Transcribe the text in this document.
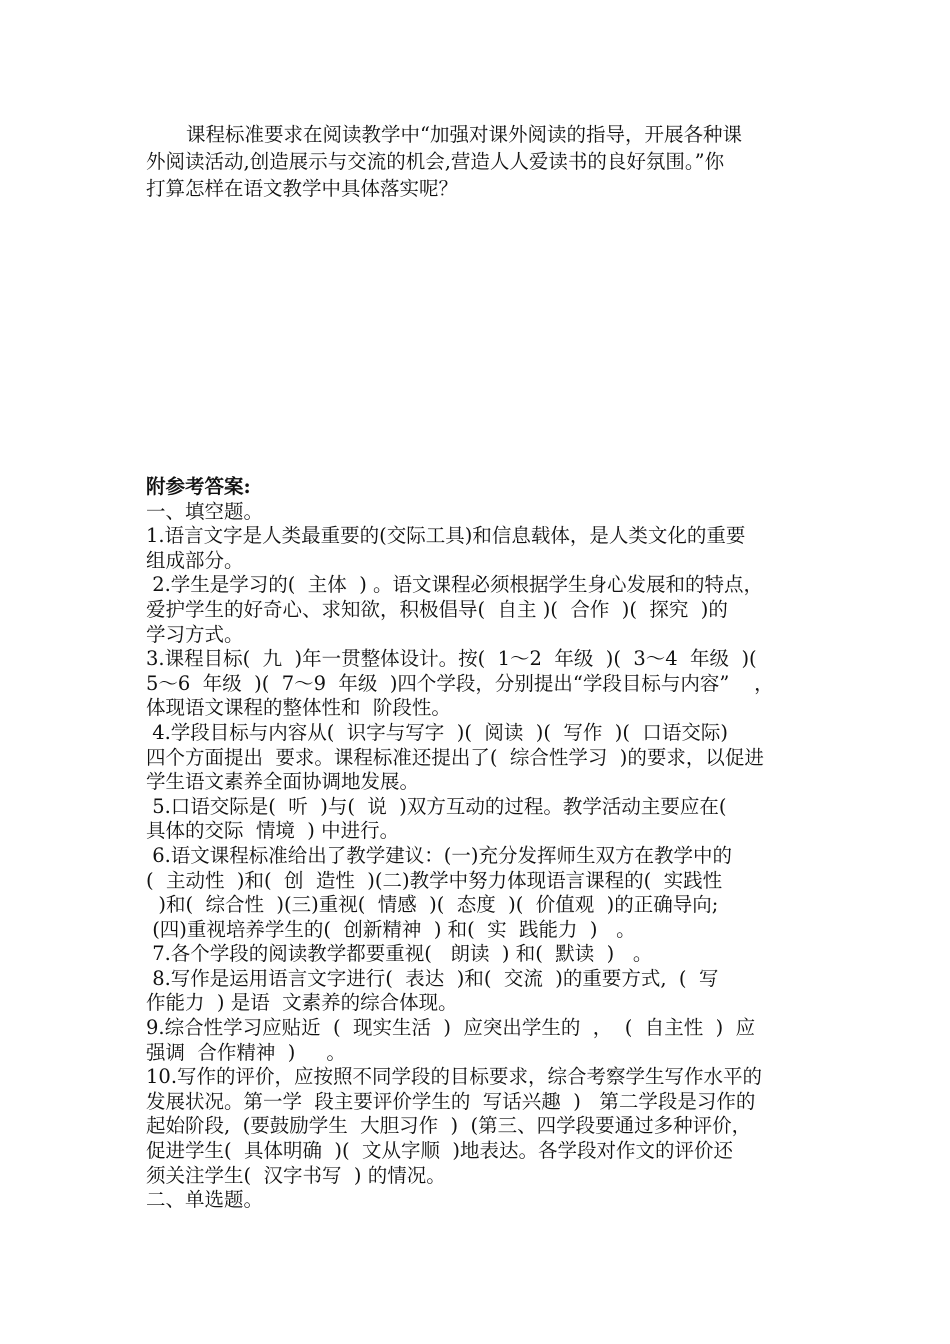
课程标准要求在阅读教学中“加强对课外阅读的指导，开展各种课
外阅读活动,创造展示与交流的机会,营造人人爱读书的良好氛围。”你
打算怎样在语文教学中具体落实呢？
附参考答案:
一、填空题。
1.语言文字是人类最重要的(交际工具)和信息载体，是人类文化的重要
组成部分。
2.学生是学习的(  主体  ) 。语文课程必须根据学生身心发展和的特点，
爱护学生的好奇心、求知欲，积极倡导(  自主 )(  合作  )(  探究  )的
学习方式。
3.课程目标(  九  )年一贯整体设计。按(  1～2  年级  )(  3～4  年级  )(
5～6  年级  )(  7～9  年级  )四个学段，分别提出“学段目标与内容”    ，
体现语文课程的整体性和  阶段性。
4.学段目标与内容从(  识字与写字  )(  阅读  )(  写作  )(  口语交际)
四个方面提出  要求。课程标准还提出了(  综合性学习  )的要求，以促进
学生语文素养全面协调地发展。
5.口语交际是(  听  )与(  说  )双方互动的过程。教学活动主要应在(
具体的交际  情境  ) 中进行。
6.语文课程标准给出了教学建议：(一)充分发挥师生双方在教学中的
(  主动性  )和(  创  造性  )(二)教学中努力体现语言课程的(  实践性
)和(  综合性  )(三)重视(  情感  )(  态度  )(  价值观  )的正确导向;
(四)重视培养学生的(  创新精神  ) 和(  实  践能力  )   。
7.各个学段的阅读教学都要重视(   朗读  ) 和(  默读  )   。
8.写作是运用语言文字进行(  表达  )和(  交流  )的重要方式,  (  写
作能力  ) 是语  文素养的综合体现。
9.综合性学习应贴近  (  现实生活  )  应突出学生的  ，  (  自主性  )  应
强调  合作精神  )     。
10.写作的评价，应按照不同学段的目标要求，综合考察学生写作水平的
发展状况。第一学  段主要评价学生的  写话兴趣  )   第二学段是习作的
起始阶段,  (要鼓励学生  大胆习作  )  (第三、四学段要通过多种评价，
促进学生(  具体明确  )(  文从字顺  )地表达。各学段对作文的评价还
须关注学生(  汉字书写  ) 的情况。
二、单选题。
